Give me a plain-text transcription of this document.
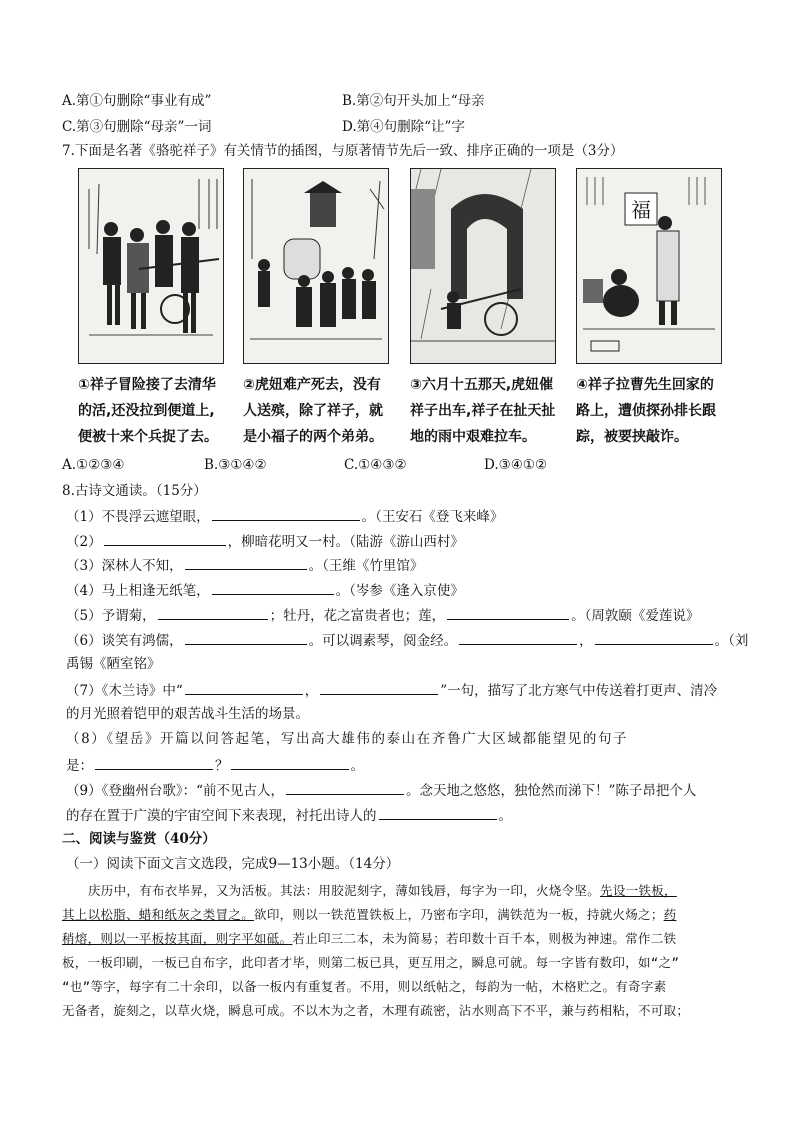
A.第①句删除“事业有成”	B.第②句开头加上“母亲
C.第③句删除“母亲”一词	D.第④句删除“让”字
7.下面是名著《骆驼祥子》有关情节的插图，与原著情节先后一致、排序正确的一项是（3分）
福
①祥子冒险接了去清华的活,还没拉到便道上,便被十来个兵捉了去。
②虎妞难产死去，没有人送殡，除了祥子，就是小福子的两个弟弟。
③六月十五那天,虎妞催祥子出车,祥子在扯天扯地的雨中艰难拉车。
④祥子拉曹先生回家的路上，遭侦探孙排长跟踪，被要挟敲诈。
A.①②③④	B.③①④②	C.①④③②	D.③④①②
8.古诗文通读。（15分）
（1）不畏浮云遮望眼，	。（王安石《登飞来峰》
（2）	，柳暗花明又一村。（陆游《游山西村》
（3）深林人不知，	。（王维《竹里馆》
（4）马上相逢无纸笔，	。（岑参《逢入京使》
（5）予谓菊，	；牡丹，花之富贵者也；莲，	。（周敦颐《爱莲说》
（6）谈笑有鸿儒，	。可以调素琴，阅金经。	，	。（刘
禹锡《陋室铭》
（7）《木兰诗》中“	，	”一句，描写了北方寒气中传送着打更声、清冷
的月光照着铠甲的艰苦战斗生活的场景。
（8）《望岳》开篇以问答起笔，写出高大雄伟的泰山在齐鲁广大区域都能望见的句子
是：	？	。
（9）《登幽州台歌》：“前不见古人，	。念天地之悠悠，独怆然而涕下！”陈子昂把个人
的存在置于广漠的宇宙空间下来表现，衬托出诗人的	。
二、阅读与鉴赏（40分）
（一）阅读下面文言文选段，完成9—13小题。（14分）
庆历中，有布衣毕昇，又为活板。其法：用胶泥刻字，薄如钱唇，每字为一印，火烧令坚。先设一铁板，
其上以松脂、蜡和纸灰之类冒之。欲印，则以一铁范置铁板上，乃密布字印，满铁范为一板，持就火炀之；药
稍熔，则以一平板按其面，则字平如砥。若止印三二本，未为简易；若印数十百千本，则极为神速。常作二铁
板，一板印刷，一板已自布字，此印者才毕，则第二板已具，更互用之，瞬息可就。每一字皆有数印，如“之”
“也”等字，每字有二十余印，以备一板内有重复者。不用，则以纸帖之，每韵为一帖，木格贮之。有奇字素
无备者，旋刻之，以草火烧，瞬息可成。不以木为之者，木理有疏密，沾水则高下不平，兼与药相粘，不可取；
